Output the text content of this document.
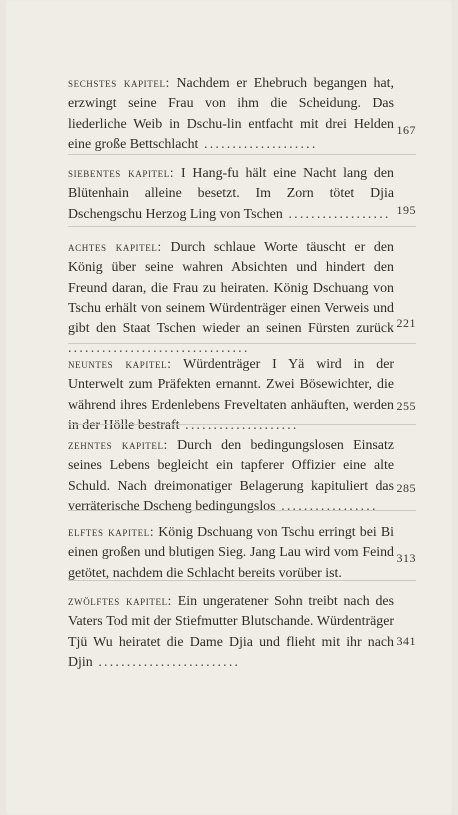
sechstes kapitel: Nachdem er Ehebruch begangen hat, erzwingt seine Frau von ihm die Scheidung. Das liederliche Weib in Dschu-lin entfacht mit drei Helden eine große Bettschlacht ....................
167
siebentes kapitel: I Hang-fu hält eine Nacht lang den Blütenhain alleine besetzt. Im Zorn tötet Djia Dschengschu Herzog Ling von Tschen .................. 195
achtes kapitel: Durch schlaue Worte täuscht er den König über seine wahren Absichten und hindert den Freund daran, die Frau zu heiraten. König Dschuang von Tschu erhält von seinem Würdenträger einen Verweis und gibt den Staat Tschen wieder an seinen Fürsten zurück ................................
221
neuntes kapitel: Würdenträger I Yä wird in der Unterwelt zum Präfekten ernannt. Zwei Bösewichter, die während ihres Erdenlebens Freveltaten anhäuften, werden in der Hölle bestraft ....................
255
zehntes kapitel: Durch den bedingungslosen Einsatz seines Lebens begleicht ein tapferer Offizier eine alte Schuld. Nach dreimonatiger Belagerung kapituliert das verräterische Dscheng bedingungslos .................
285
elftes kapitel: König Dschuang von Tschu erringt bei Bi einen großen und blutigen Sieg. Jang Lau wird vom Feind getötet, nachdem die Schlacht bereits vorüber ist.
313
zwölftes kapitel: Ein ungeratener Sohn treibt nach des Vaters Tod mit der Stiefmutter Blutschande. Würdenträger Tjü Wu heiratet die Dame Djia und flieht mit ihr nach Djin .........................
341
